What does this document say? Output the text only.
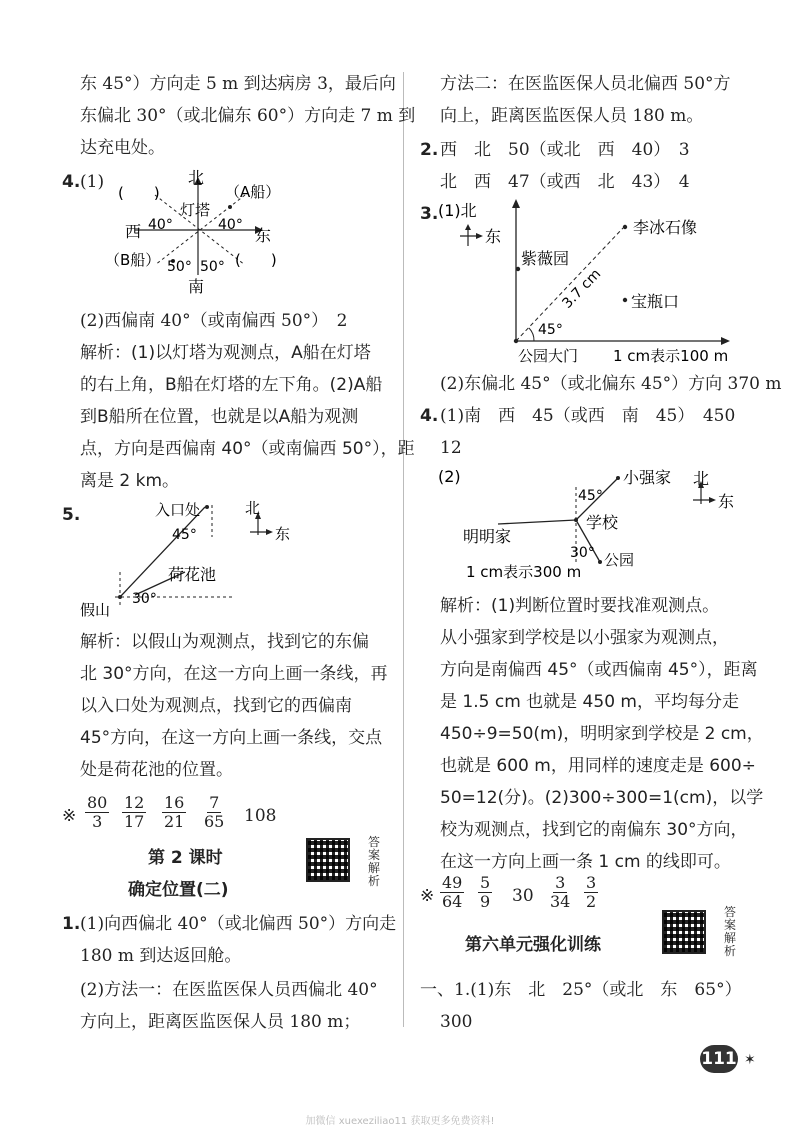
东 45°）方向走 5 m 到达病房 3，最后向
东偏北 30°（或北偏东 60°）方向走 7 m 到
达充电处。
4. (1)
(　　)
北
（A船）
灯塔
40°	40°
西	东
（B船） 50° 50° (　　)
南
(2)西偏南 40°（或南偏西 50°）　2
解析：(1)以灯塔为观测点，A船在灯塔
的右上角，B船在灯塔的左下角。(2)A船
到B船所在位置，也就是以A船为观测
点，方向是西偏南 40°（或南偏西 50°），距
离是 2 km。
5.	入口处	北
东
45°
荷花池
假山
30°
解析：以假山为观测点，找到它的东偏
北 30°方向，在这一方向上画一条线，再
以入口处为观测点，找到它的西偏南
45°方向，在这一方向上画一条线，交点
处是荷花池的位置。
※ $\frac{80}{3} \frac{12}{17} \frac{16}{21} \frac{7}{65} 108$
第 2 课时
确定位置(二)
答案解析
1. (1)向西偏北 40°（或北偏西 50°）方向走
180 m 到达返回舱。
(2)方法一：在医监医保人员西偏北 40°
方向上，距离医监医保人员 180 m；
方法二：在医监医保人员北偏西 50°方
向上，距离医监医保人员 180 m。
2. 西　北　50（或北　西　40）　3
北　西　47（或西　北　43）　4
3. (1)北
东	李冰石像
紫薇园
3.7 cm 宝瓶口
45°
公园大门 1 cm表示100 m
(2)东偏北 45°（或北偏东 45°）方向 370 m
4. (1)南　西　45（或西　南　45）　450
12
(2)	小强家 北
东
45°
学校
明明家
30° 公园
1 cm表示300 m
解析：(1)判断位置时要找准观测点。
从小强家到学校是以小强家为观测点，
方向是南偏西 45°（或西偏南 45°），距离
是 1.5 cm 也就是 450 m，平均每分走
450÷9=50(m)，明明家到学校是 2 cm，
也就是 600 m，用同样的速度走是 600÷
50=12(分)。(2)300÷300=1(cm)，以学
校为观测点，找到它的南偏东 30°方向，
在这一方向上画一条 1 cm 的线即可。
※ $\frac{49}{64} \frac{5}{9} 30 \frac{3}{34} \frac{3}{2}$
第六单元强化训练
答案解析
一、1.(1)东　北　25°（或北　东　65°）
300
111 ✶
加微信 xuexeziliao11 获取更多免费资料!
